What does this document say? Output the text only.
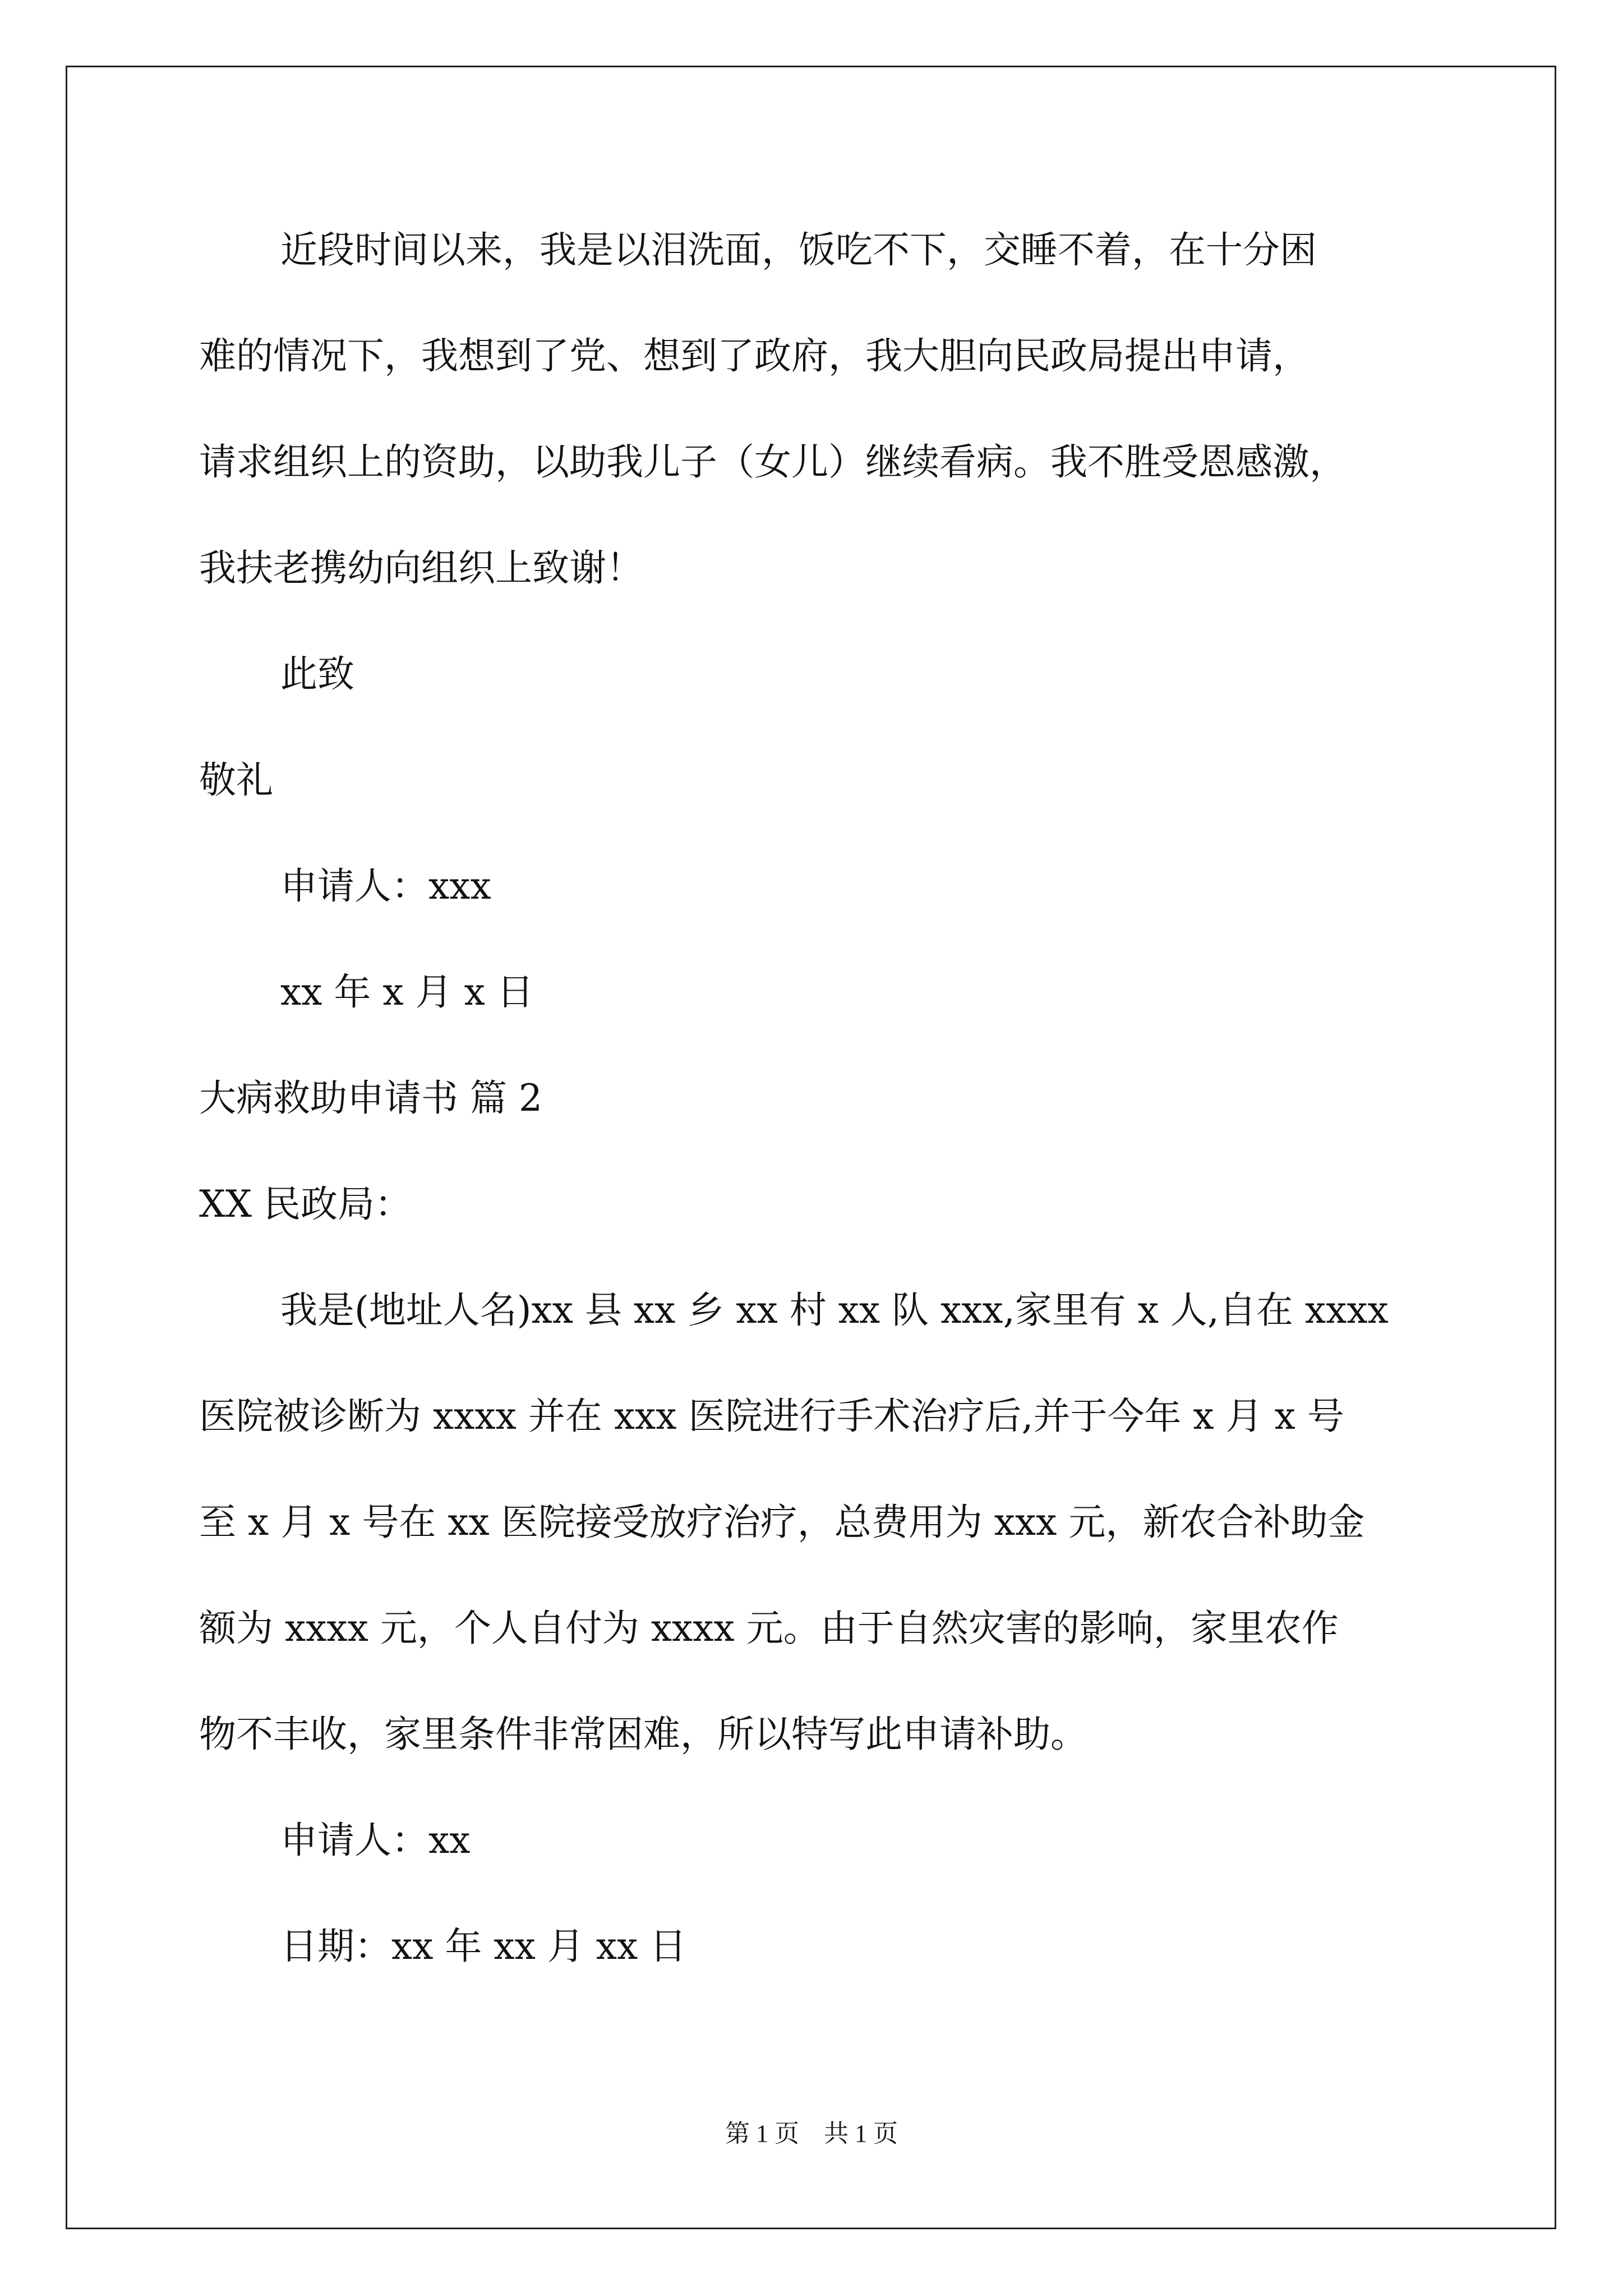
近段时间以来，我是以泪洗面，饭吃不下，交睡不着，在十分困
难的情况下，我想到了党、想到了政府，我大胆向民政局提出申请，
请求组织上的资助，以助我儿子（女儿）继续看病。我不胜受恩感激，
我扶老携幼向组织上致谢！
此致
敬礼
申请人：xxx
xx 年 x 月 x 日
大病救助申请书 篇 2
XX 民政局：
我是(地址人名)xx 县 xx 乡 xx 村 xx 队 xxx,家里有 x 人,自在 xxxx
医院被诊断为 xxxx 并在 xxx 医院进行手术治疗后,并于今年 x 月 x 号
至 x 月 x 号在 xx 医院接受放疗治疗，总费用为 xxx 元，新农合补助金
额为 xxxx 元，个人自付为 xxxx 元。由于自然灾害的影响，家里农作
物不丰收，家里条件非常困难，所以特写此申请补助。
申请人：xx
日期：xx 年 xx 月 xx 日
第 1 页　共 1 页
